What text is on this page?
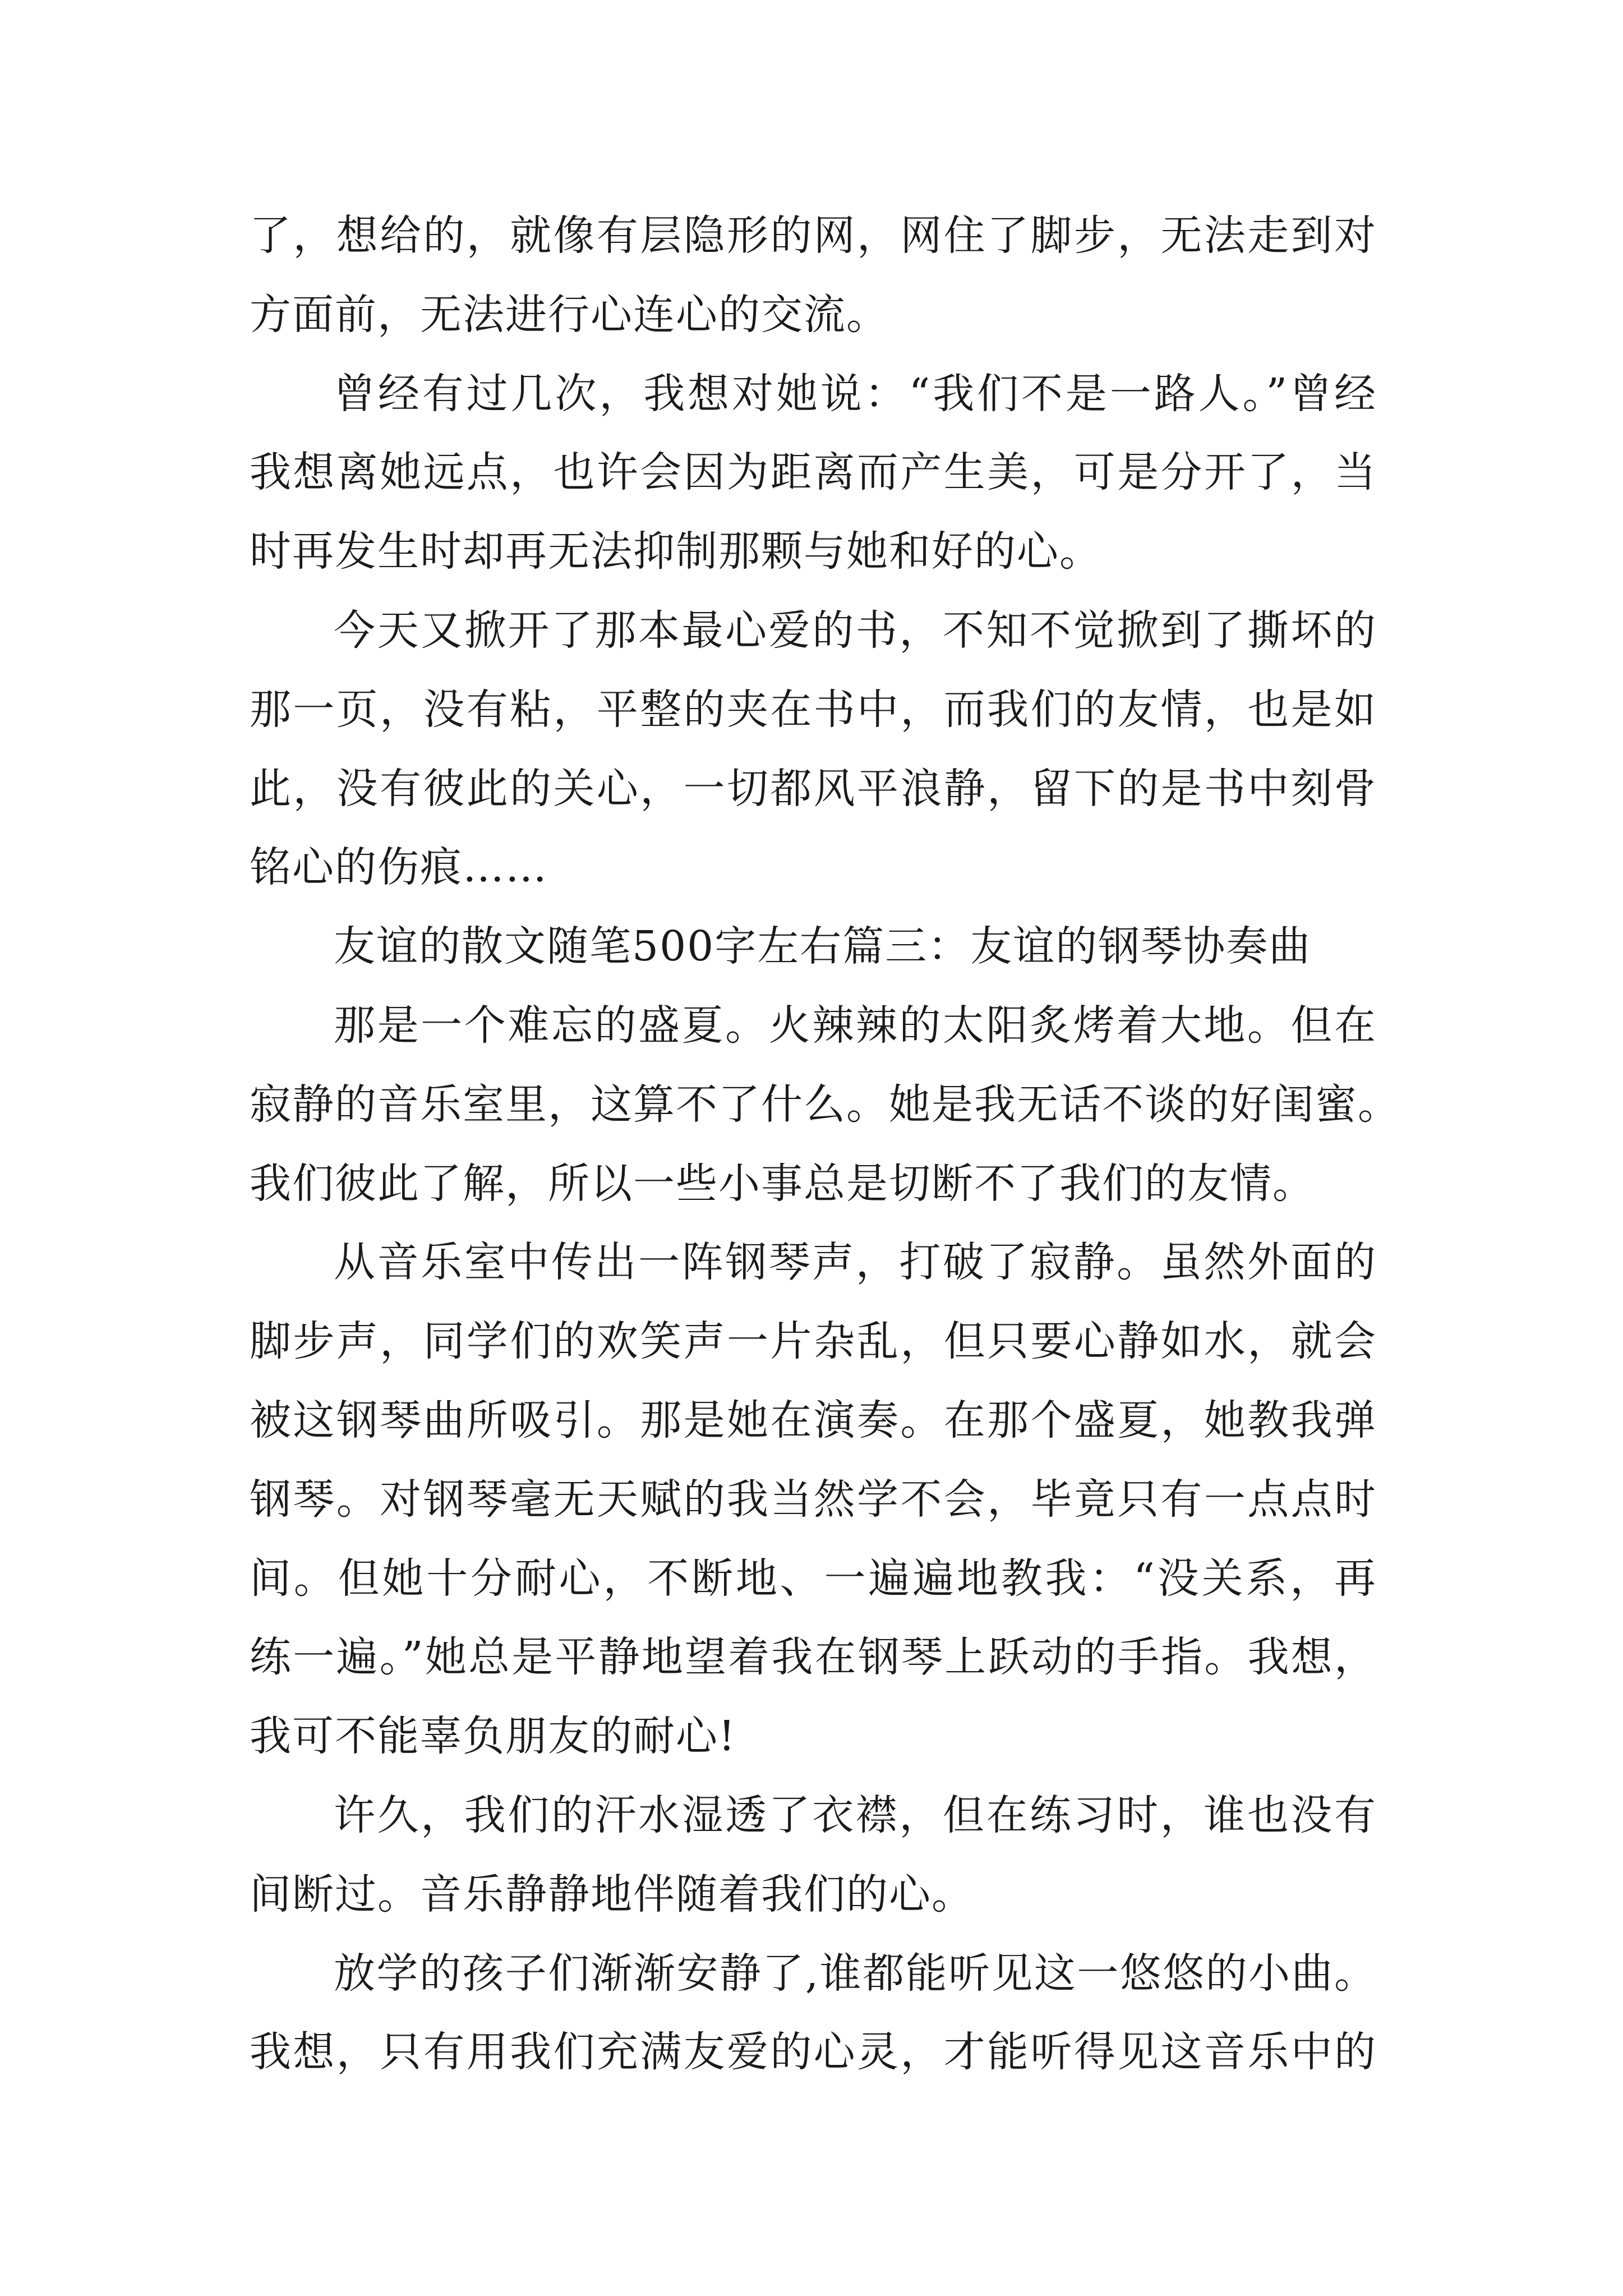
了，想给的，就像有层隐形的网，网住了脚步，无法走到对
方面前，无法进行心连心的交流。
曾经有过几次，我想对她说：“我们不是一路人。”曾经
我想离她远点，也许会因为距离而产生美，可是分开了，当
时再发生时却再无法抑制那颗与她和好的心。
今天又掀开了那本最心爱的书，不知不觉掀到了撕坏的
那一页，没有粘，平整的夹在书中，而我们的友情，也是如
此，没有彼此的关心，一切都风平浪静，留下的是书中刻骨
铭心的伤痕……
友谊的散文随笔500字左右篇三：友谊的钢琴协奏曲
那是一个难忘的盛夏。火辣辣的太阳炙烤着大地。但在
寂静的音乐室里，这算不了什么。她是我无话不谈的好闺蜜。
我们彼此了解，所以一些小事总是切断不了我们的友情。
从音乐室中传出一阵钢琴声，打破了寂静。虽然外面的
脚步声，同学们的欢笑声一片杂乱，但只要心静如水，就会
被这钢琴曲所吸引。那是她在演奏。在那个盛夏，她教我弹
钢琴。对钢琴毫无天赋的我当然学不会，毕竟只有一点点时
间。但她十分耐心，不断地、一遍遍地教我：“没关系，再
练一遍。”她总是平静地望着我在钢琴上跃动的手指。我想，
我可不能辜负朋友的耐心!
许久，我们的汗水湿透了衣襟，但在练习时，谁也没有
间断过。音乐静静地伴随着我们的心。
放学的孩子们渐渐安静了,谁都能听见这一悠悠的小曲。
我想，只有用我们充满友爱的心灵，才能听得见这音乐中的
